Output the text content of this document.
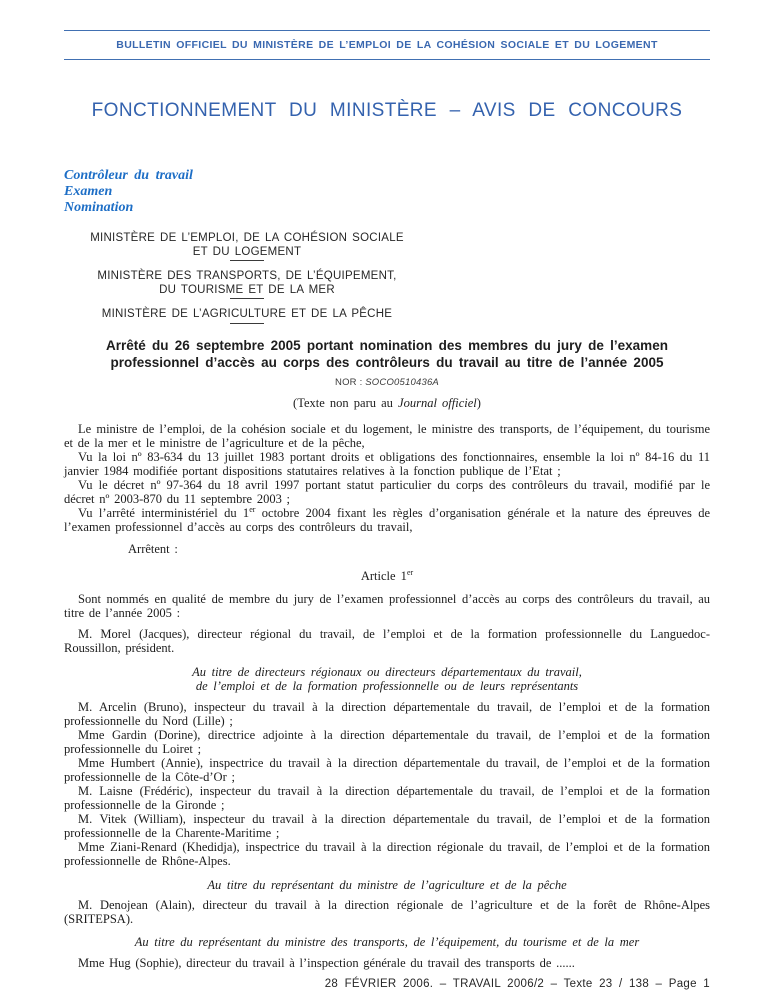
BULLETIN OFFICIEL DU MINISTÈRE DE L’EMPLOI DE LA COHÉSION SOCIALE ET DU LOGEMENT
FONCTIONNEMENT DU MINISTÈRE – AVIS DE CONCOURS
Contrôleur du travail
Examen
Nomination
MINISTÈRE DE L’EMPLOI, DE LA COHÉSION SOCIALE
ET DU LOGEMENT
MINISTÈRE DES TRANSPORTS, DE L’ÉQUIPEMENT,
DU TOURISME ET DE LA MER
MINISTÈRE DE L’AGRICULTURE ET DE LA PÊCHE
Arrêté du 26 septembre 2005 portant nomination des membres du jury de l’examen professionnel d’accès au corps des contrôleurs du travail au titre de l’année 2005
NOR : SOCO0510436A
(Texte non paru au Journal officiel)

Le ministre de l’emploi, de la cohésion sociale et du logement, le ministre des transports, de l’équipement, du tourisme et de la mer et le ministre de l’agriculture et de la pêche,

Vu la loi nº 83-634 du 13 juillet 1983 portant droits et obligations des fonctionnaires, ensemble la loi nº 84-16 du 11 janvier 1984 modifiée portant dispositions statutaires relatives à la fonction publique de l’Etat ;

Vu le décret nº 97-364 du 18 avril 1997 portant statut particulier du corps des contrôleurs du travail, modifié par le décret nº 2003-870 du 11 septembre 2003 ;

Vu l’arrêté interministériel du 1er octobre 2004 fixant les règles d’organisation générale et la nature des épreuves de l’examen professionnel d’accès au corps des contrôleurs du travail,

Arrêtent :
Article 1er

Sont nommés en qualité de membre du jury de l’examen professionnel d’accès au corps des contrôleurs du travail, au titre de l’année 2005 :

M. Morel (Jacques), directeur régional du travail, de l’emploi et de la formation professionnelle du Languedoc-Roussillon, président.

Au titre de directeurs régionaux ou directeurs départementaux du travail,
de l’emploi et de la formation professionnelle ou de leurs représentants

M. Arcelin (Bruno), inspecteur du travail à la direction départementale du travail, de l’emploi et de la formation professionnelle du Nord (Lille) ;

Mme Gardin (Dorine), directrice adjointe à la direction départementale du travail, de l’emploi et de la formation professionnelle du Loiret ;

Mme Humbert (Annie), inspectrice du travail à la direction départementale du travail, de l’emploi et de la formation professionnelle de la Côte-d’Or ;

M. Laisne (Frédéric), inspecteur du travail à la direction départementale du travail, de l’emploi et de la formation professionnelle de la Gironde ;

M. Vitek (William), inspecteur du travail à la direction départementale du travail, de l’emploi et de la formation professionnelle de la Charente-Maritime ;

Mme Ziani-Renard (Khedidja), inspectrice du travail à la direction régionale du travail, de l’emploi et de la formation professionnelle de Rhône-Alpes.

Au titre du représentant du ministre de l’agriculture et de la pêche

M. Denojean (Alain), directeur du travail à la direction régionale de l’agriculture et de la forêt de Rhône-Alpes (SRITEPSA).

Au titre du représentant du ministre des transports, de l’équipement, du tourisme et de la mer

Mme Hug (Sophie), directeur du travail à l’inspection générale du travail des transports de ......

28 FÉVRIER 2006. – TRAVAIL 2006/2 – Texte 23 / 138 – Page 1
